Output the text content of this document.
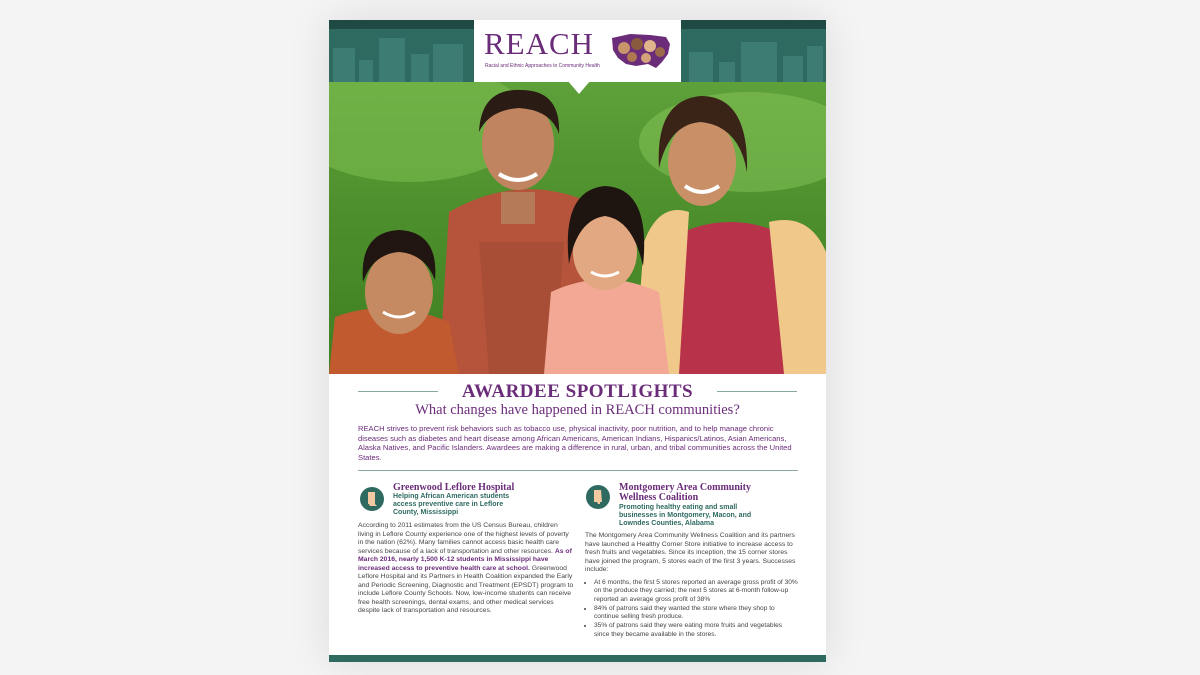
REACH
Racial and Ethnic Approaches to Community Health
AWARDEE SPOTLIGHTS
What changes have happened in REACH communities?
REACH strives to prevent risk behaviors such as tobacco use, physical inactivity, poor nutrition, and to help manage chronic diseases such as diabetes and heart disease among African Americans, American Indians, Hispanics/Latinos, Asian Americans, Alaska Natives, and Pacific Islanders. Awardees are making a difference in rural, urban, and tribal communities across the United States.
Greenwood Leflore Hospital
Helping African American students access preventive care in Leflore County, Mississippi
According to 2011 estimates from the US Census Bureau, children living in Leflore County experience one of the highest levels of poverty in the nation (62%). Many families cannot access basic health care services because of a lack of transportation and other resources. As of March 2016, nearly 1,500 K-12 students in Mississippi have increased access to preventive health care at school. Greenwood Leflore Hospital and its Partners in Health Coalition expanded the Early and Periodic Screening, Diagnostic and Treatment (EPSDT) program to include Leflore County Schools. Now, low-income students can receive free health screenings, dental exams, and other medical services despite lack of transportation and resources.
Montgomery Area Community Wellness Coalition
Promoting healthy eating and small businesses in Montgomery, Macon, and Lowndes Counties, Alabama
The Montgomery Area Community Wellness Coalition and its partners have launched a Healthy Corner Store initiative to increase access to fresh fruits and vegetables. Since its inception, the 15 corner stores have joined the program, 5 stores each of the first 3 years. Successes include:
• At 6 months, the first 5 stores reported an average gross profit of 30% on the produce they carried; the next 5 stores at 6-month follow-up reported an average gross profit of 38%
• 84% of patrons said they wanted the store where they shop to continue selling fresh produce.
• 35% of patrons said they were eating more fruits and vegetables since they became available in the stores.
